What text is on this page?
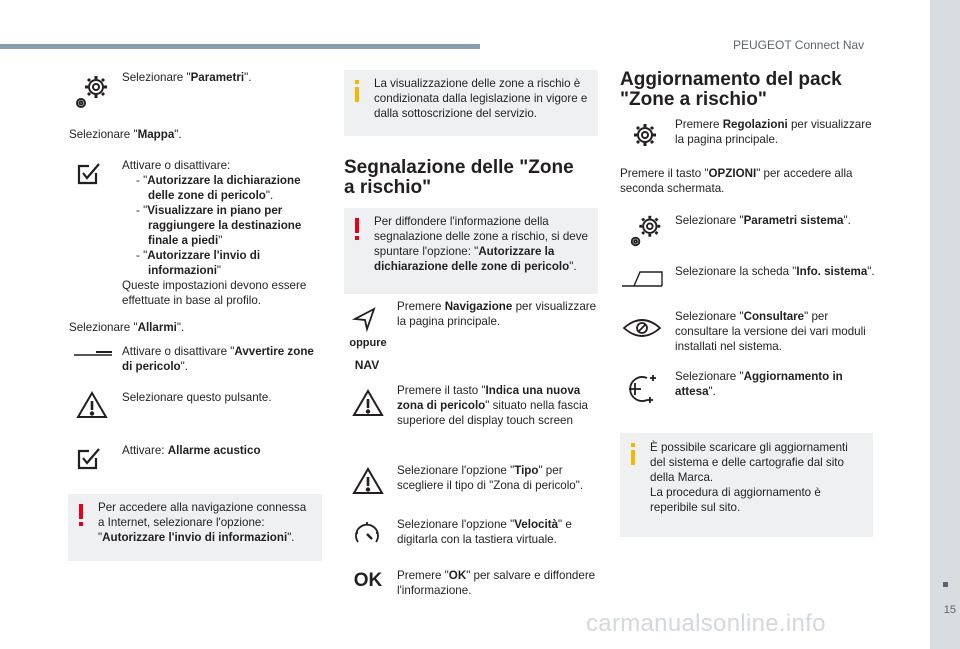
PEUGEOT Connect Nav
15
carmanualsonline.info
Selezionare "Parametri".
Selezionare "Mappa".
Attivare o disattivare:
- "Autorizzare la dichiarazione delle zone di pericolo".
- "Visualizzare in piano per raggiungere la destinazione finale a piedi"
- "Autorizzare l'invio di informazioni"
Queste impostazioni devono essere effettuate in base al profilo.
Selezionare "Allarmi".
Attivare o disattivare "Avvertire zone di pericolo".
Selezionare questo pulsante.
Attivare: Allarme acustico
Per accedere alla navigazione connessa a Internet, selezionare l'opzione: "Autorizzare l'invio di informazioni".
La visualizzazione delle zone a rischio è condizionata dalla legislazione in vigore e dalla sottoscrizione del servizio.
Segnalazione delle "Zone
a rischio"
Per diffondere l'informazione della segnalazione delle zone a rischio, si deve spuntare l'opzione: "Autorizzare la dichiarazione delle zone di pericolo".
oppure
NAV
Premere Navigazione per visualizzare la pagina principale.
Premere il tasto "Indica una nuova zona di pericolo" situato nella fascia superiore del display touch screen
Selezionare l'opzione "Tipo" per scegliere il tipo di "Zona di pericolo".
Selezionare l'opzione "Velocità" e digitarla con la tastiera virtuale.
OK	Premere "OK" per salvare e diffondere l'informazione.
Aggiornamento del pack
"Zone a rischio"
Premere Regolazioni per visualizzare la pagina principale.
Premere il tasto "OPZIONI" per accedere alla seconda schermata.
Selezionare "Parametri sistema".
Selezionare la scheda "Info. sistema".
Selezionare "Consultare" per consultare la versione dei vari moduli installati nel sistema.
Selezionare "Aggiornamento in attesa".
È possibile scaricare gli aggiornamenti del sistema e delle cartografie dal sito della Marca.
La procedura di aggiornamento è reperibile sul sito.
